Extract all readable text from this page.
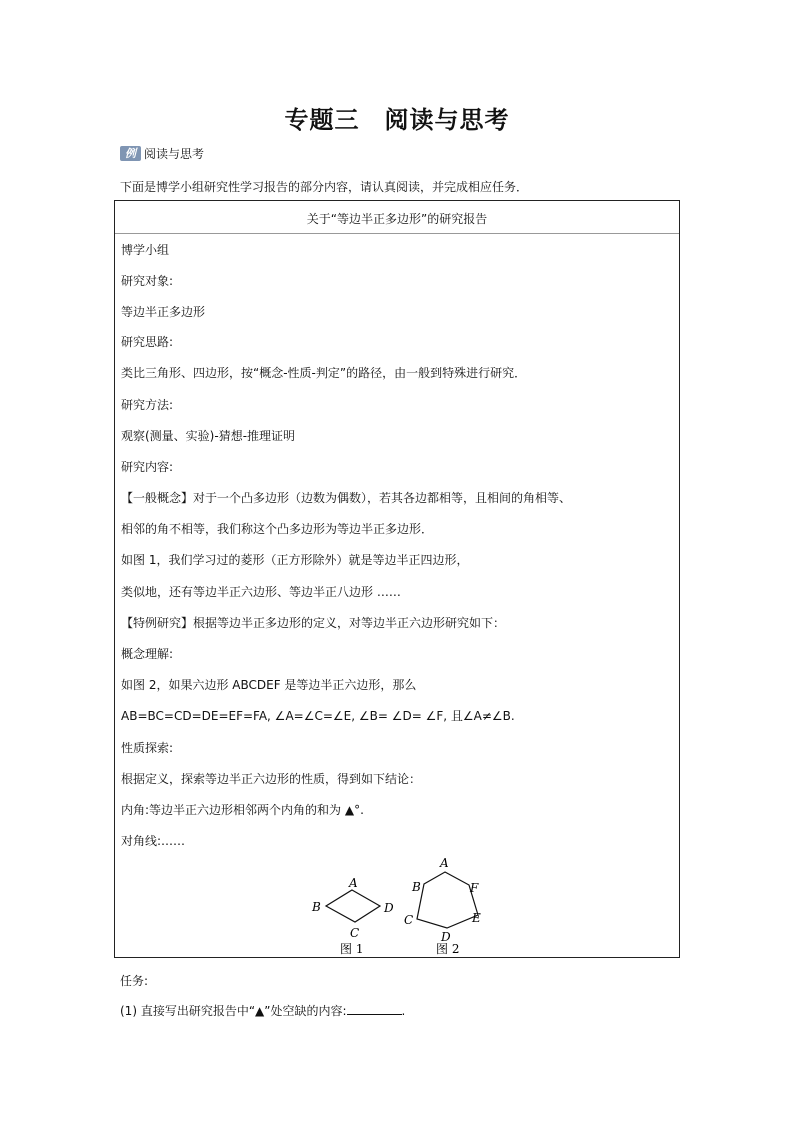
专题三　阅读与思考
例 阅读与思考
下面是博学小组研究性学习报告的部分内容，请认真阅读，并完成相应任务．
关于“等边半正多边形”的研究报告
博学小组
研究对象:
等边半正多边形
研究思路:
类比三角形、四边形，按“概念-性质-判定”的路径，由一般到特殊进行研究．
研究方法:
观察(测量、实验)-猜想-推理证明
研究内容:
【一般概念】对于一个凸多边形（边数为偶数），若其各边都相等，且相间的角相等、
相邻的角不相等，我们称这个凸多边形为等边半正多边形．
如图 1，我们学习过的菱形（正方形除外）就是等边半正四边形，
类似地，还有等边半正六边形、等边半正八边形 ……
【特例研究】根据等边半正多边形的定义，对等边半正六边形研究如下：
概念理解:
如图 2，如果六边形 ABCDEF 是等边半正六边形，那么
AB=BC=CD=DE=EF=FA, ∠A=∠C=∠E, ∠B= ∠D= ∠F, 且∠A≠∠B.
性质探索:
根据定义，探索等边半正六边形的性质，得到如下结论：
内角:等边半正六边形相邻两个内角的和为 ▲°.
对角线:……
A
B
C
D
图 1
A
B
C
D
E
F
图 2
任务:
(1) 直接写出研究报告中“▲”处空缺的内容:	.
